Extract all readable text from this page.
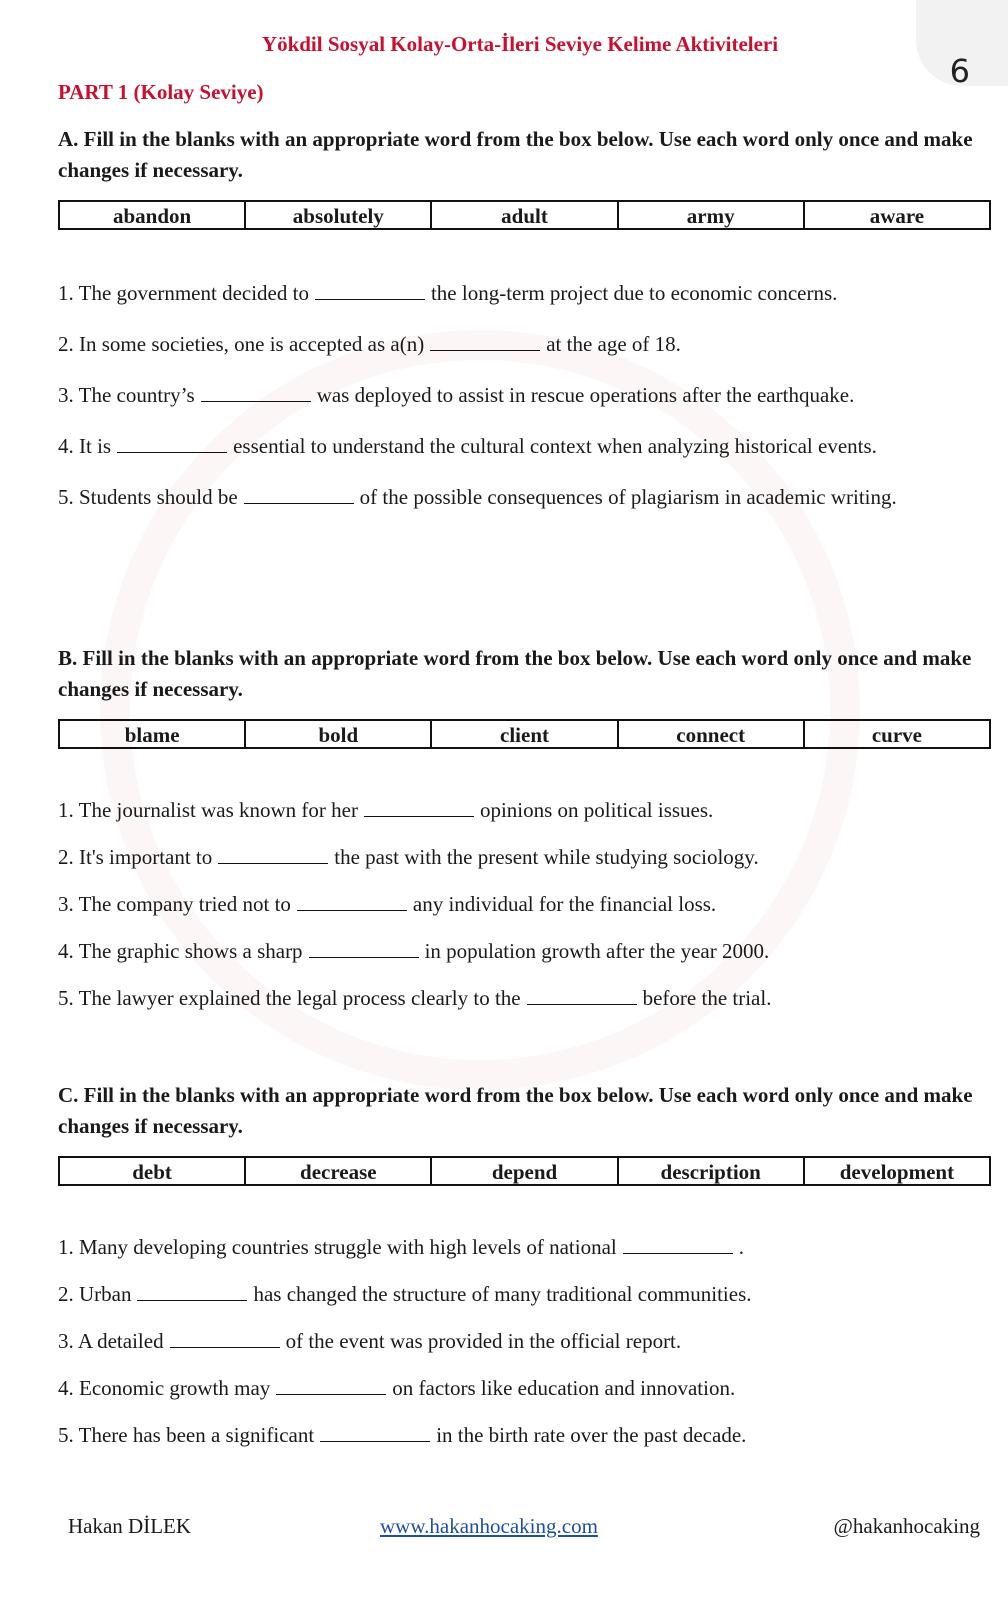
6
Yökdil Sosyal Kolay-Orta-İleri Seviye Kelime Aktiviteleri
PART 1 (Kolay Seviye)

A. Fill in the blanks with an appropriate word from the box below. Use each word only once and make changes if necessary.

abandon	absolutely	adult	army	aware

1. The government decided to	the long-term project due to economic concerns.

2. In some societies, one is accepted as a(n)	at the age of 18.

3. The country’s	was deployed to assist in rescue operations after the earthquake.

4. It is	essential to understand the cultural context when analyzing historical events.

5. Students should be	of the possible consequences of plagiarism in academic writing.

B. Fill in the blanks with an appropriate word from the box below. Use each word only once and make changes if necessary.

blame	bold	client	connect	curve

1. The journalist was known for her	opinions on political issues.

2. It's important to	the past with the present while studying sociology.

3. The company tried not to	any individual for the financial loss.

4. The graphic shows a sharp	in population growth after the year 2000.

5. The lawyer explained the legal process clearly to the	before the trial.

C. Fill in the blanks with an appropriate word from the box below. Use each word only once and make changes if necessary.

debt	decrease	depend	description	development

1. Many developing countries struggle with high levels of national	.

2. Urban	has changed the structure of many traditional communities.

3. A detailed	of the event was provided in the official report.

4. Economic growth may	on factors like education and innovation.

5. There has been a significant	in the birth rate over the past decade.

Hakan DİLEK	www.hakanhocaking.com	@hakanhocaking
